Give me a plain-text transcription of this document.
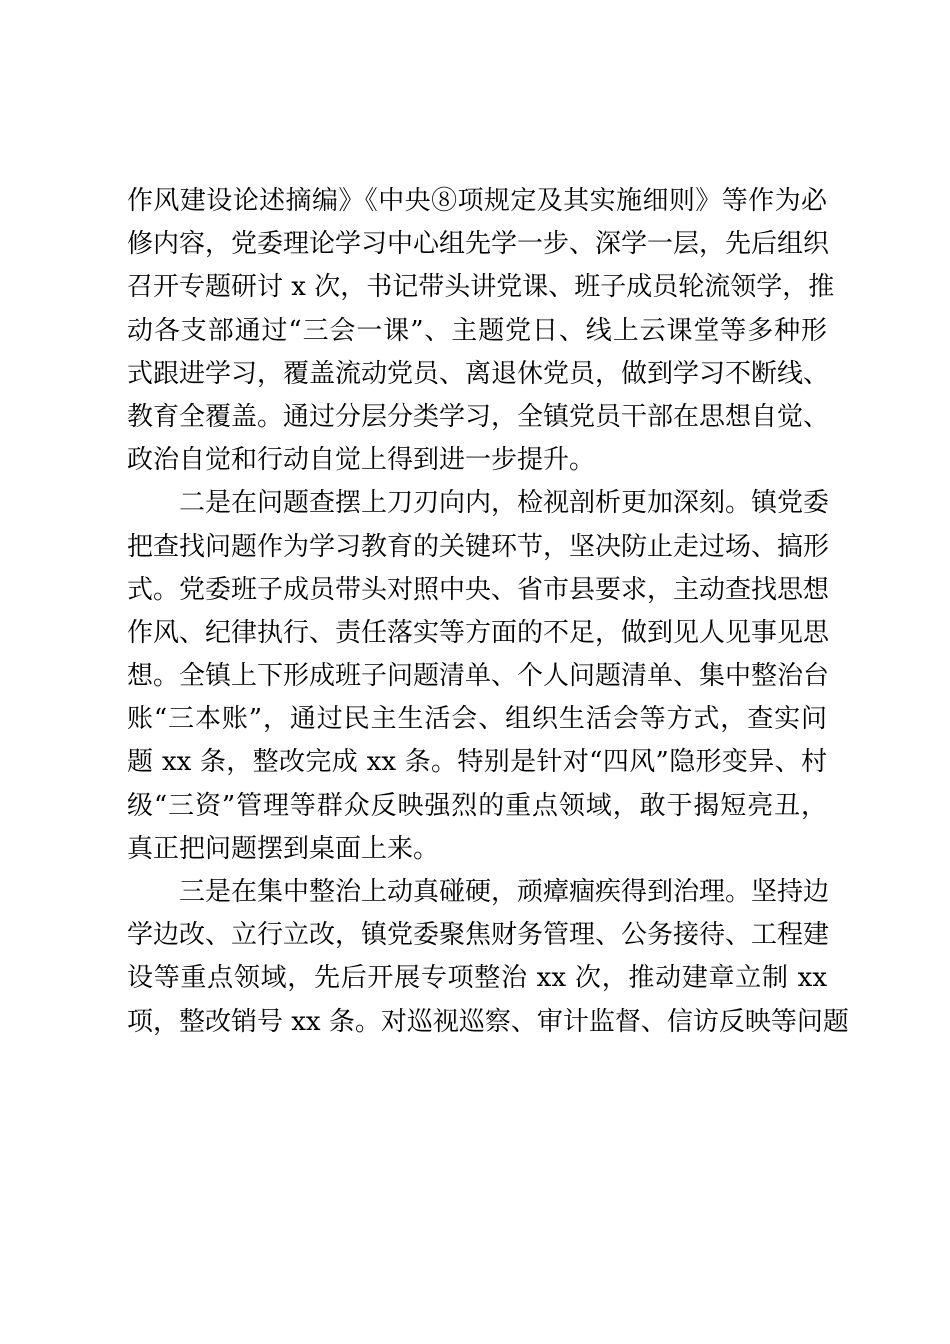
作风建设论述摘编》《中央⑧项规定及其实施细则》等作为必
修内容，党委理论学习中心组先学一步、深学一层，先后组织
召开专题研讨 x 次，书记带头讲党课、班子成员轮流领学，推
动各支部通过“三会一课”、主题党日、线上云课堂等多种形
式跟进学习，覆盖流动党员、离退休党员，做到学习不断线、
教育全覆盖。通过分层分类学习，全镇党员干部在思想自觉、
政治自觉和行动自觉上得到进一步提升。
二是在问题查摆上刀刃向内，检视剖析更加深刻。镇党委
把查找问题作为学习教育的关键环节，坚决防止走过场、搞形
式。党委班子成员带头对照中央、省市县要求，主动查找思想
作风、纪律执行、责任落实等方面的不足，做到见人见事见思
想。全镇上下形成班子问题清单、个人问题清单、集中整治台
账“三本账”，通过民主生活会、组织生活会等方式，查实问
题 xx 条，整改完成 xx 条。特别是针对“四风”隐形变异、村
级“三资”管理等群众反映强烈的重点领域，敢于揭短亮丑，
真正把问题摆到桌面上来。
三是在集中整治上动真碰硬，顽瘴痼疾得到治理。坚持边
学边改、立行立改，镇党委聚焦财务管理、公务接待、工程建
设等重点领域，先后开展专项整治 xx 次，推动建章立制 xx
项，整改销号 xx 条。对巡视巡察、审计监督、信访反映等问题
